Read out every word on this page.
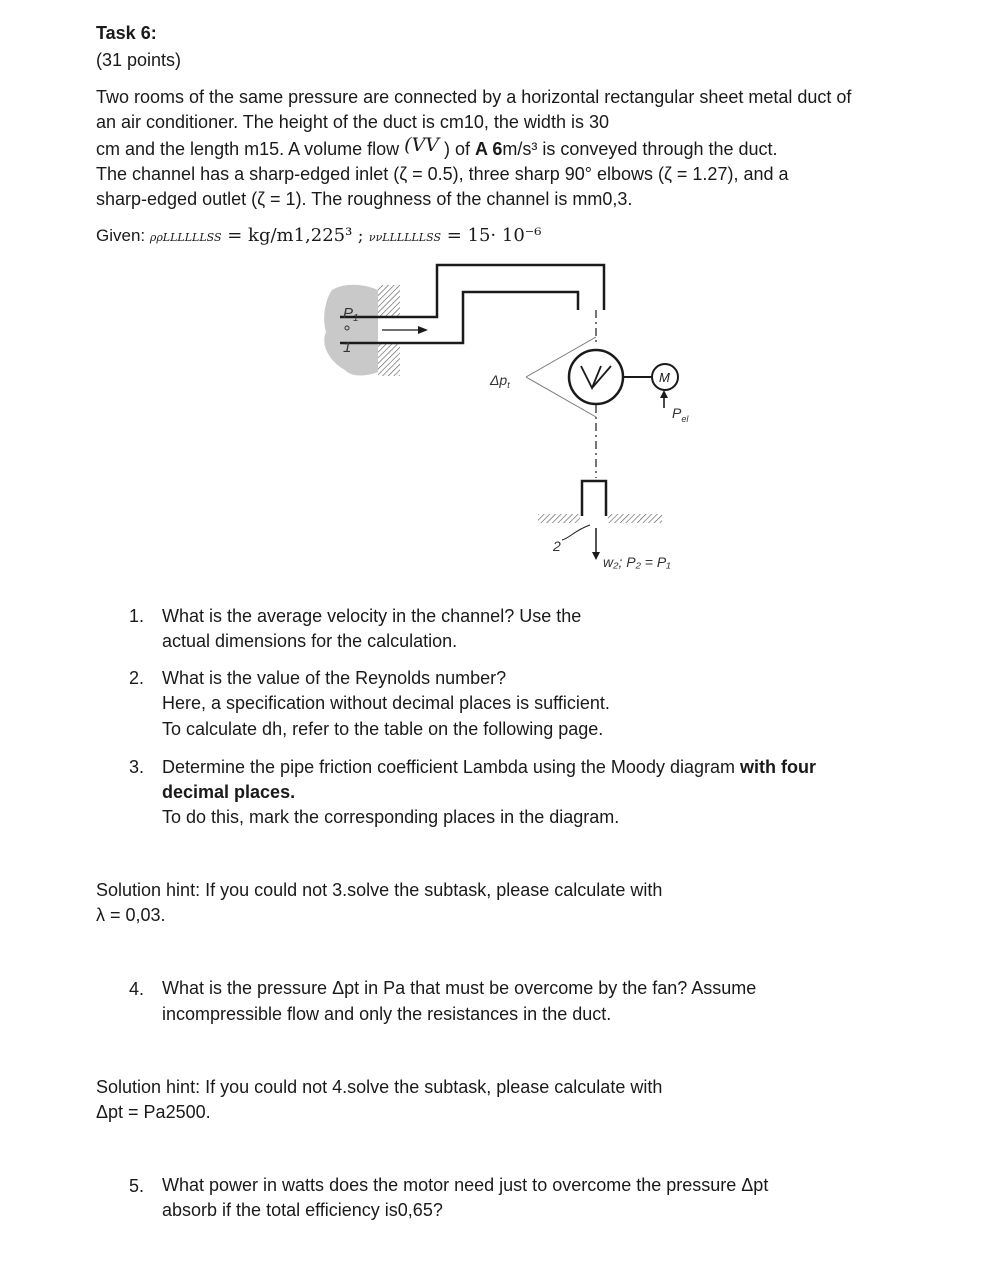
Task 6:
(31 points)
Two rooms of the same pressure are connected by a horizontal rectangular sheet metal duct of
an air conditioner. The height of the duct is cm10, the width is 30
cm and the length m15. A volume flow (VV ) of A 6m/s³ is conveyed through the duct.
The channel has a sharp-edged inlet (ζ = 0.5), three sharp 90° elbows (ζ = 1.27), and a
sharp-edged outlet (ζ = 1). The roughness of the channel is mm0,3.
Given: ρρLLLLLLSS = kg/m1,225³ ; ννLLLLLLSS = 15· 10⁻⁶
$P_1$
1
$\Delta p_t$	M
$P_{el}$
2
w₂; P₂ = P₁
1. What is the average velocity in the channel? Use the
actual dimensions for the calculation.
2. What is the value of the Reynolds number?
Here, a specification without decimal places is sufficient.
To calculate dh, refer to the table on the following page.
3. Determine the pipe friction coefficient Lambda using the Moody diagram with four
decimal places.
To do this, mark the corresponding places in the diagram.
Solution hint: If you could not 3.solve the subtask, please calculate with
λ = 0,03.
4. What is the pressure Δpt in Pa that must be overcome by the fan? Assume
incompressible flow and only the resistances in the duct.
Solution hint: If you could not 4.solve the subtask, please calculate with
Δpt = Pa2500.
5. What power in watts does the motor need just to overcome the pressure Δpt
absorb if the total efficiency is0,65?
